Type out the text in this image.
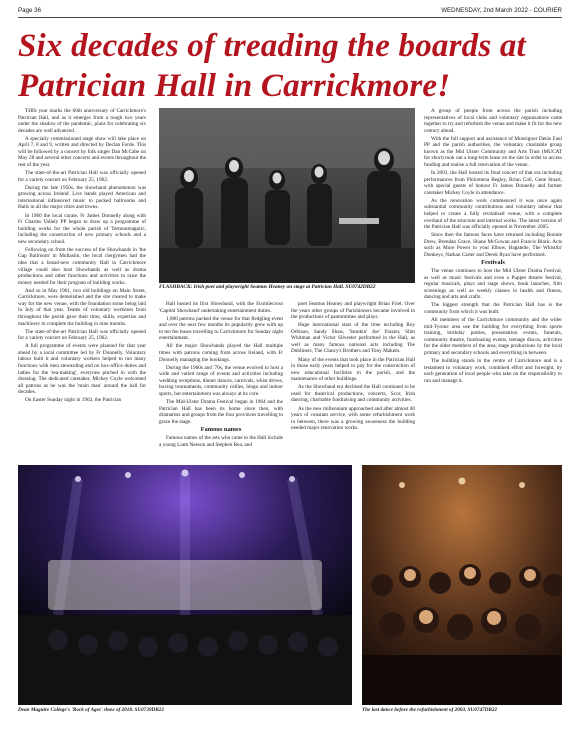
Page 36	WEDNESDAY, 2nd March 2022 - COURIER
Six decades of treading the boards at Patrician Hall in Carrickmore!

THIS year marks the 60th anniversary of Carrickmore's Patrician Hall, and as it emerges from a tough two years under the shadow of the pandemic, plans for celebrating six decades are well advanced.

A specially commissioned stage show will take place on April 7, 8 and 9, written and directed by Declan Forde. This will be followed by a concert by folk singer Dan McCabe on May 28 and several other concerts and events throughout the rest of the year.

The state-of-the-art Patrician Hall was officially opened for a variety concert on February 25, 1962.

During the late 1950s, the showband phenomenon was growing across Ireland. Live bands played American and international influenced music to packed ballrooms and Halls in all the major cities and towns.

In 1960 the local curate, Fr James Donnelly along with Fr Charles Vallely PP began to draw up a programme of building works for the whole parish of Termonmaguirc, including the construction of new primary schools and a new secondary school.

Following on from the success of the Showbands in 'the Gap Ballroom' in Mullaslin, the local clergymen had the idea that a brand-new community Hall in Carrickmore village could also host Showbands as well as drama productions and other functions and activities to raise the money needed for their program of building works.

And so in May 1961, two old buildings on Main Street, Carrickmore, were demolished and the site cleared to make way for the new venue, with the foundation stone being laid in July of that year. Teams of voluntary workmen from throughout the parish gave their time, skills, expertise and machinery to complete the building in nine months.

The state-of-the-art Patrician Hall was officially opened for a variety concert on February 25, 1962.

A full programme of events were planned for that year ahead by a local committee led by Fr Donnelly. Voluntary labour built it and voluntary workers helped to run many functions with men stewarding and on box-office duties and ladies for the 'tea-making', everyone pitched in with the dressing. The dedicated caretaker, Mickey Coyle welcomed all patrons as he was the 'main man' around the hall for decades.

On Easter Sunday night in 1962, the Patrician

FLASHBACK: Irish poet and playwright Seamus Heaney on stage at Patrician Hall. SU0742DB22

Hall hosted its first Showband, with the Sixmilecross 'Capitol Showband' undertaking entertainment duties.

1,800 patrons packed the venue for that fledgling event and over the next few months its popularity grew with up to ten fee buses travelling to Carrickmore for Sunday night entertainment.

All the major Showbands played the Hall multiple times with patrons coming from across Ireland, with Fr Donnelly managing the bookings.

During the 1960s and '70s, the venue evolved to host a wide and varied range of events and activities including wedding receptions, dinner dances, carnivals, whist drives, boxing tournaments, community ceilies, bingo and indoor sports, but entertainment was always at its core.

The Mid-Ulster Drama Festival began in 1964 and the Patrician Hall has been its home since then, with dramatists and groups from the four provinces travelling to grace the stage.

Famous names

Famous names of the arts who came to the Hall include a young Liam Neeson and Stephen Rea, and

poet Seamus Heaney and playwright Brian Friel. Over the years other groups of Parishioners became involved in the productions of pantomimes and plays.

Huge international stars of the time including Roy Orbison, Sandy Shaw, 'Smokin' Joe' Frazier, Slim Whitman and Victor Silvester performed in the Hall, as well as many famous national acts including The Dubliners, The Clancy's Brothers and Tony Makem.

Many of the events that took place in the Patrician Hall in those early years helped to pay for the construction of new educational facilities in the parish, and the maintenance of other buildings.

As the Showband era declined the Hall continued to be used for theatrical productions, concerts, Scor, Irish dancing, charitable fundraising and community activities.

As the new millennium approached and after almost 40 years of constant service, with some refurbishment work in between, there was a growing awareness the building needed major renovation works.

A group of people from across the parish including representatives of local clubs and voluntary organisations came together to try and refurbish the venue and make it fit for the new century ahead.

With the full support and assistance of Monsignor Denis Faul PP and the parish authorities, the voluntary charitable group known as the Mid Ulster Community and Arts Trust (MUCAT for short) took out a long-term lease on the site in order to access funding and realise a full renovation of the venue.

In 2003, the Hall hosted its final concert of that era including performances from Philomena Begley, Brian Coll, Gene Stuart, with special guests of honour Fr James Donnelly and former caretaker Mickey Coyle in attendance.

As the renovation work commenced it was once again substantial community contributions and voluntary labour that helped to create a fully revitalised venue, with a complete overhaul of the structure and internal works. The latest version of the Patrician Hall was officially opened in November 2005.

Since then the famous faces have returned including Ronnie Drew, Brendan Grace, Shane McGowan and Francis Black. Acts such as More Power to your Elbow, Bagatelle, The Whistlin' Donkeys, Nathan Carter and Derek Ryan have performed.

Festivals

The venue continues to host the Mid Ulster Drama Festival, as well as music festivals and even a Puppet theatre festival, regular musicals, plays and stage shows, book launches, film screenings as well as weekly classes in health and fitness, dancing and arts and crafts.

The biggest strength that the Patrician Hall has is the community from which it was built.

All members of the Carrickmore community and the wider mid-Tyrone area use the building for everything from sports training, birthday parties, presentation events, funerals, community theatre, fundraising events, teenage discos, activities for the older members of the area, stage productions by the local primary and secondary schools and everything in between.

The building stands in the centre of Carrickmore and is a testament to voluntary work, combined effort and foresight, by each generation of local people who take on the responsibility to run and manage it.

Dean Maguire College's 'Rock of Ages' show of 2018. SU0739DB22	The last dance before the refurbishment of 2003. SU0747DB22
